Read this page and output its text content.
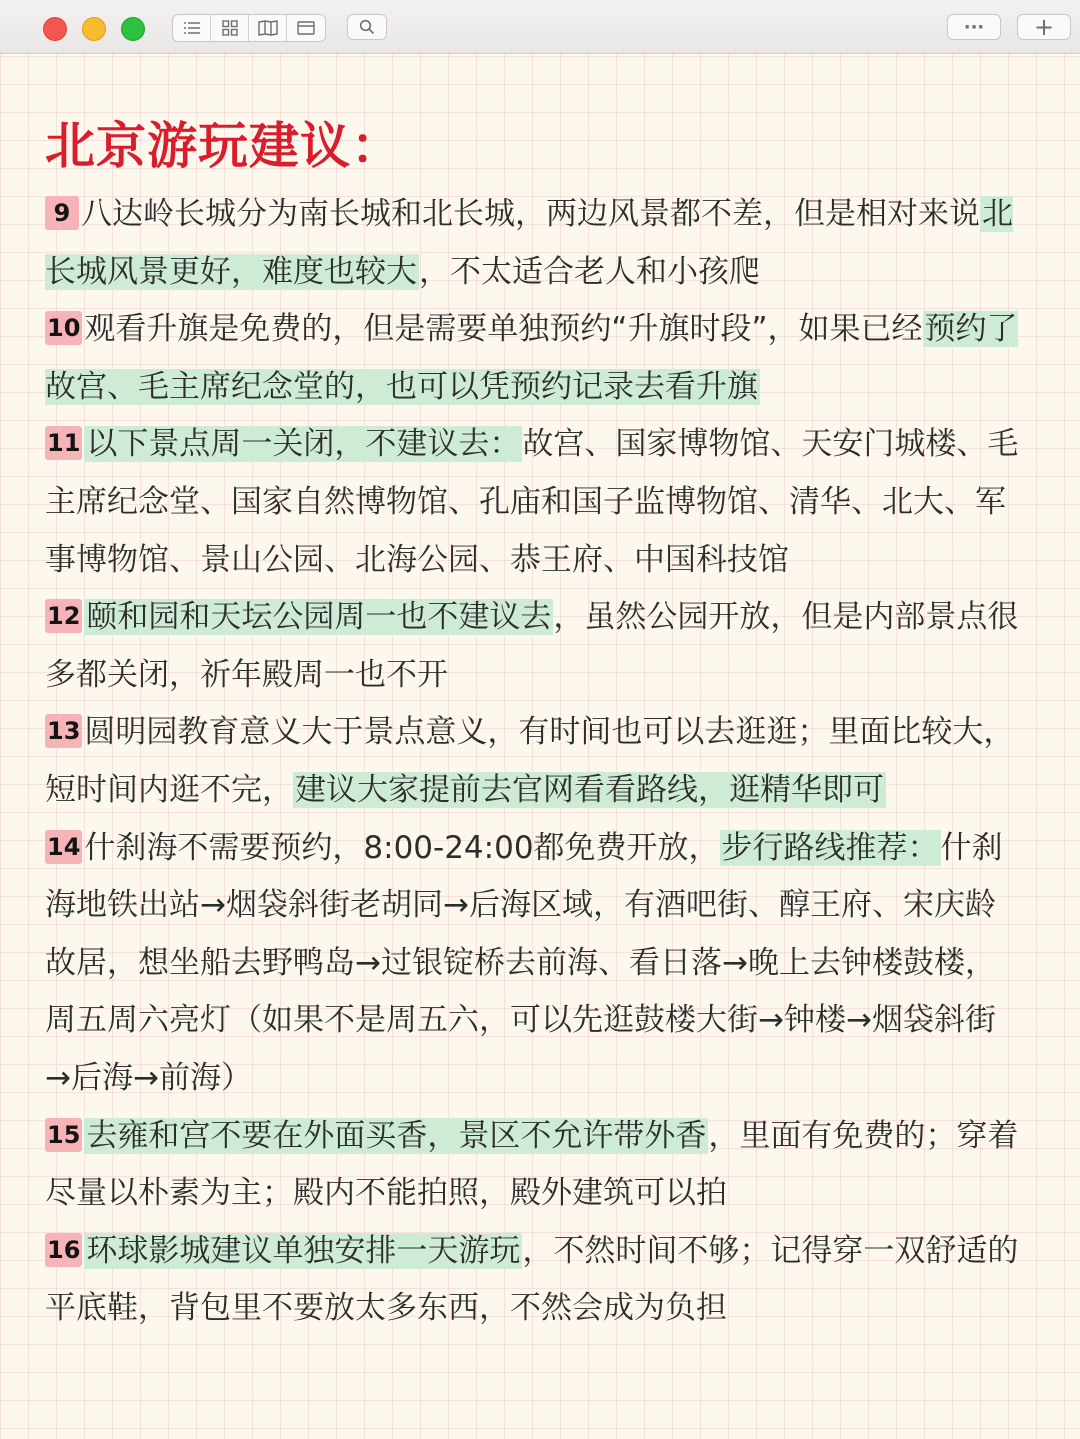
··· +
北京游玩建议：
9 八达岭长城分为南长城和北长城，两边风景都不差，但是相对来说北长城风景更好，难度也较大，不太适合老人和小孩爬
10 观看升旗是免费的，但是需要单独预约“升旗时段”，如果已经预约了故宫、毛主席纪念堂的，也可以凭预约记录去看升旗
11 以下景点周一关闭，不建议去：故宫、国家博物馆、天安门城楼、毛主席纪念堂、国家自然博物馆、孔庙和国子监博物馆、清华、北大、军事博物馆、景山公园、北海公园、恭王府、中国科技馆
12 颐和园和天坛公园周一也不建议去，虽然公园开放，但是内部景点很多都关闭，祈年殿周一也不开
13 圆明园教育意义大于景点意义，有时间也可以去逛逛；里面比较大，短时间内逛不完，建议大家提前去官网看看路线，逛精华即可
14 什刹海不需要预约，8:00-24:00都免费开放，步行路线推荐：什刹海地铁出站→烟袋斜街老胡同→后海区域，有酒吧街、醇王府、宋庆龄故居，想坐船去野鸭岛→过银锭桥去前海、看日落→晚上去钟楼鼓楼，周五周六亮灯（如果不是周五六，可以先逛鼓楼大街→钟楼→烟袋斜街→后海→前海）
15 去雍和宫不要在外面买香，景区不允许带外香，里面有免费的；穿着尽量以朴素为主；殿内不能拍照，殿外建筑可以拍
16 环球影城建议单独安排一天游玩，不然时间不够；记得穿一双舒适的平底鞋，背包里不要放太多东西，不然会成为负担
